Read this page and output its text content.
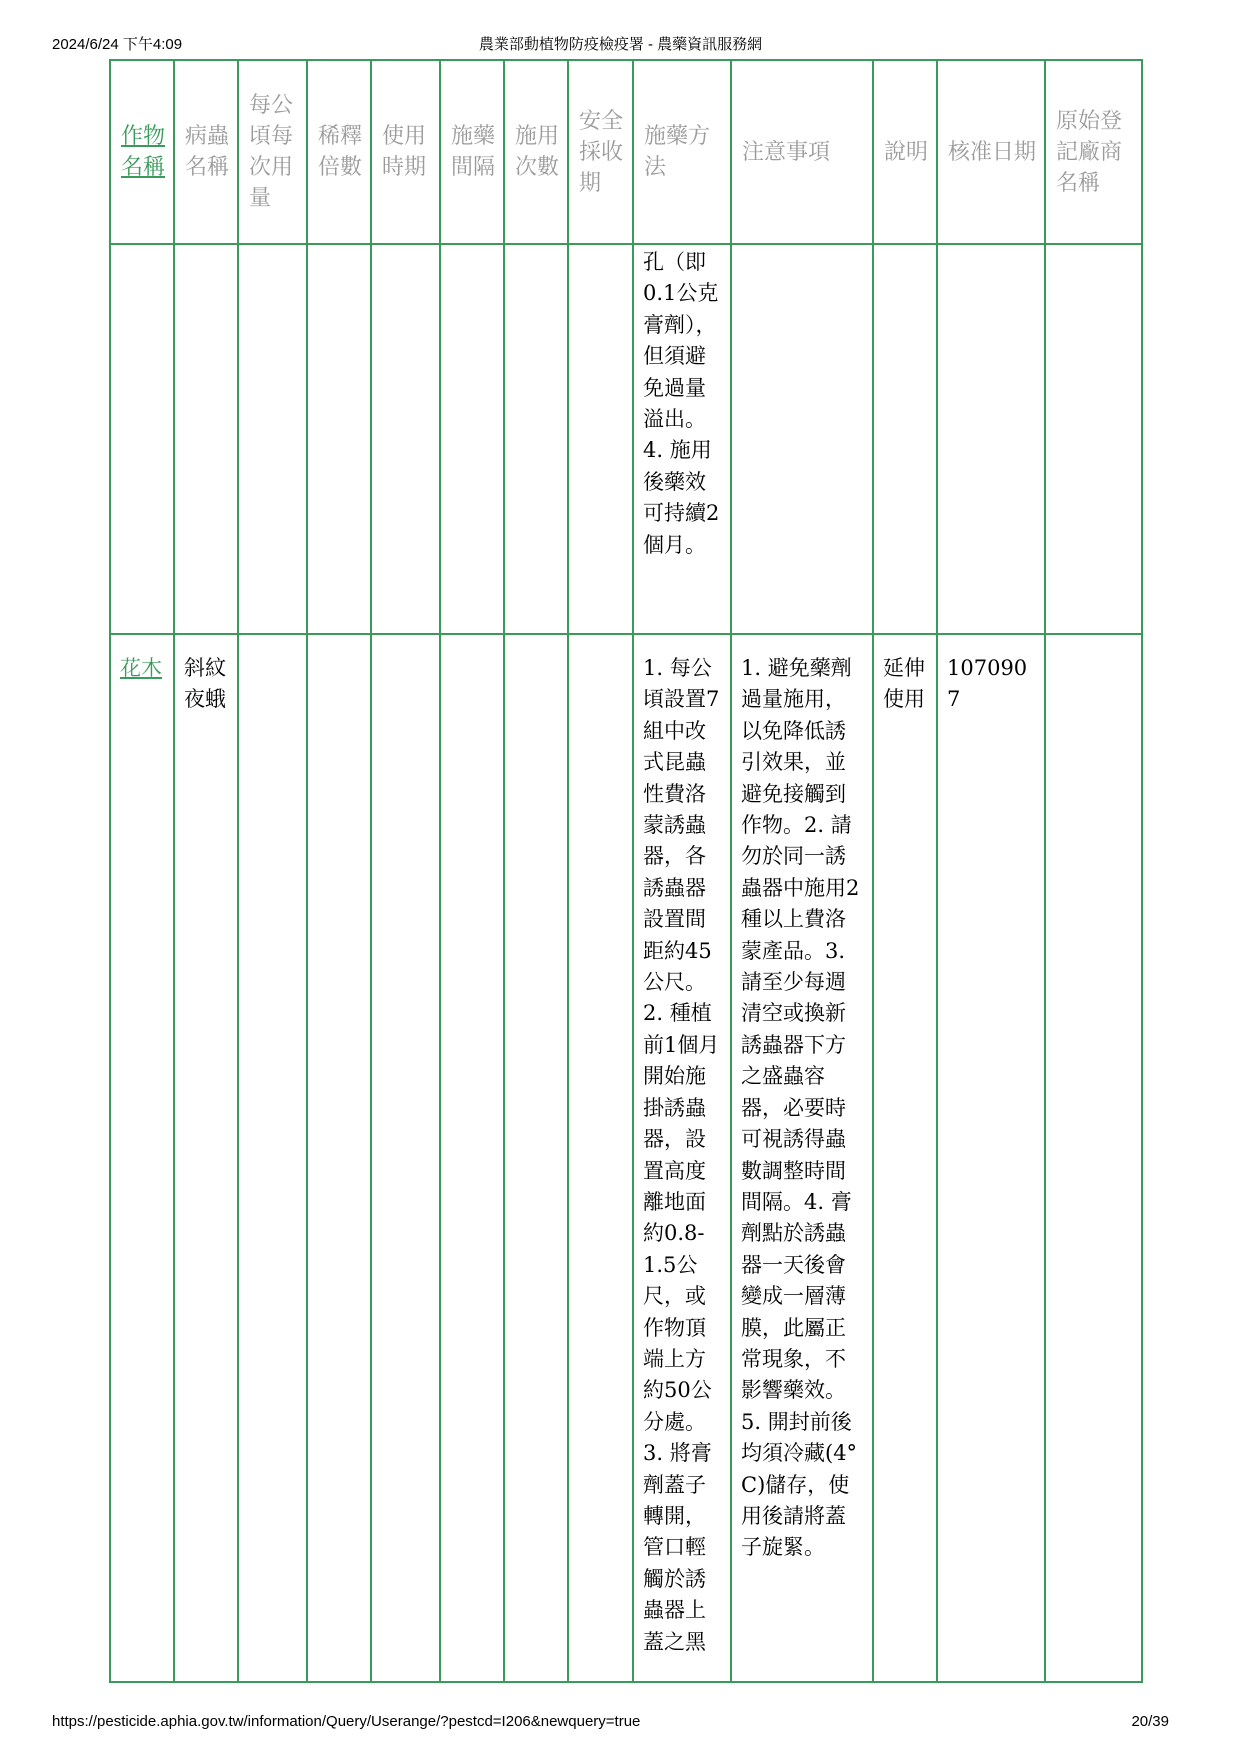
2024/6/24 下午4:09	農業部動植物防疫檢疫署 - 農藥資訊服務網
作物名稱	病蟲名稱	每公頃每次用量	稀釋倍數	使用時期	施藥間隔	施用次數	安全採收期	施藥方法	注意事項	說明	核准日期	原始登記廠商名稱

								孔（即0.1公克膏劑），但須避免過量溢出。4. 施用後藥效可持續2個月。				

花木	斜紋夜蛾							1. 每公頃設置7組中改式昆蟲性費洛蒙誘蟲器，各誘蟲器設置間距約45公尺。2. 種植前1個月開始施掛誘蟲器，設置高度離地面約0.8-1.5公尺，或作物頂端上方約50公分處。3. 將膏劑蓋子轉開，管口輕觸於誘蟲器上蓋之黑	1. 避免藥劑過量施用，以免降低誘引效果，並避免接觸到作物。2. 請勿於同一誘蟲器中施用2種以上費洛蒙產品。3. 請至少每週清空或換新誘蟲器下方之盛蟲容器，必要時可視誘得蟲數調整時間間隔。4. 膏劑點於誘蟲器一天後會變成一層薄膜，此屬正常現象，不影響藥效。5. 開封前後均須冷藏(4°C)儲存，使用後請將蓋子旋緊。	延伸使用	1070907	

https://pesticide.aphia.gov.tw/information/Query/Userange/?pestcd=I206&newquery=true	20/39
